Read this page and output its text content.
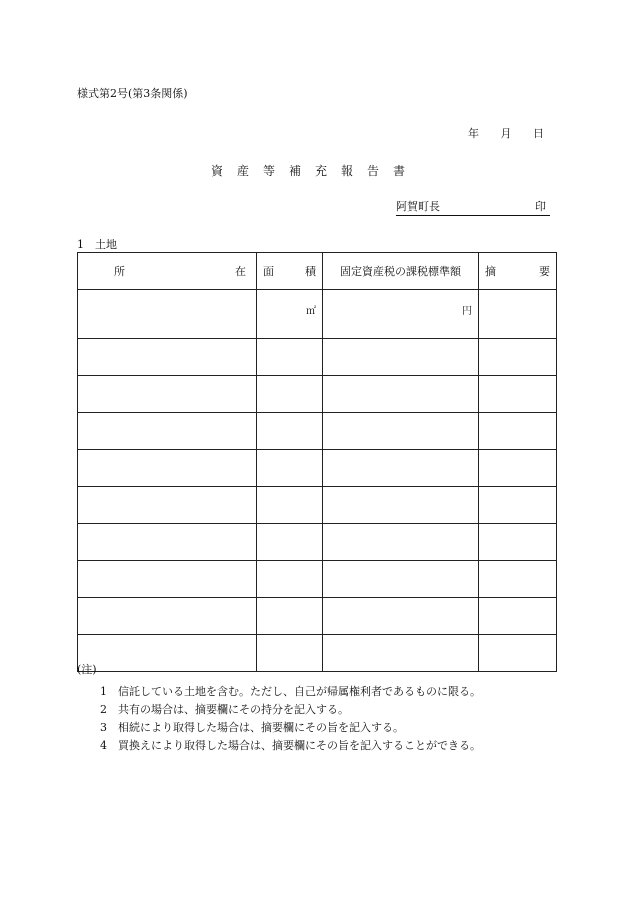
様式第2号(第3条関係)
年 月 日
資産等補充報告書
阿賀町長	印
1　土地
所 在	面 積	固定資産税の課税標準額	摘 要

	㎡	円	

(注)
1 信託している土地を含む。ただし、自己が帰属権利者であるものに限る。
2 共有の場合は、摘要欄にその持分を記入する。
3 相続により取得した場合は、摘要欄にその旨を記入する。
4 買換えにより取得した場合は、摘要欄にその旨を記入することができる。
